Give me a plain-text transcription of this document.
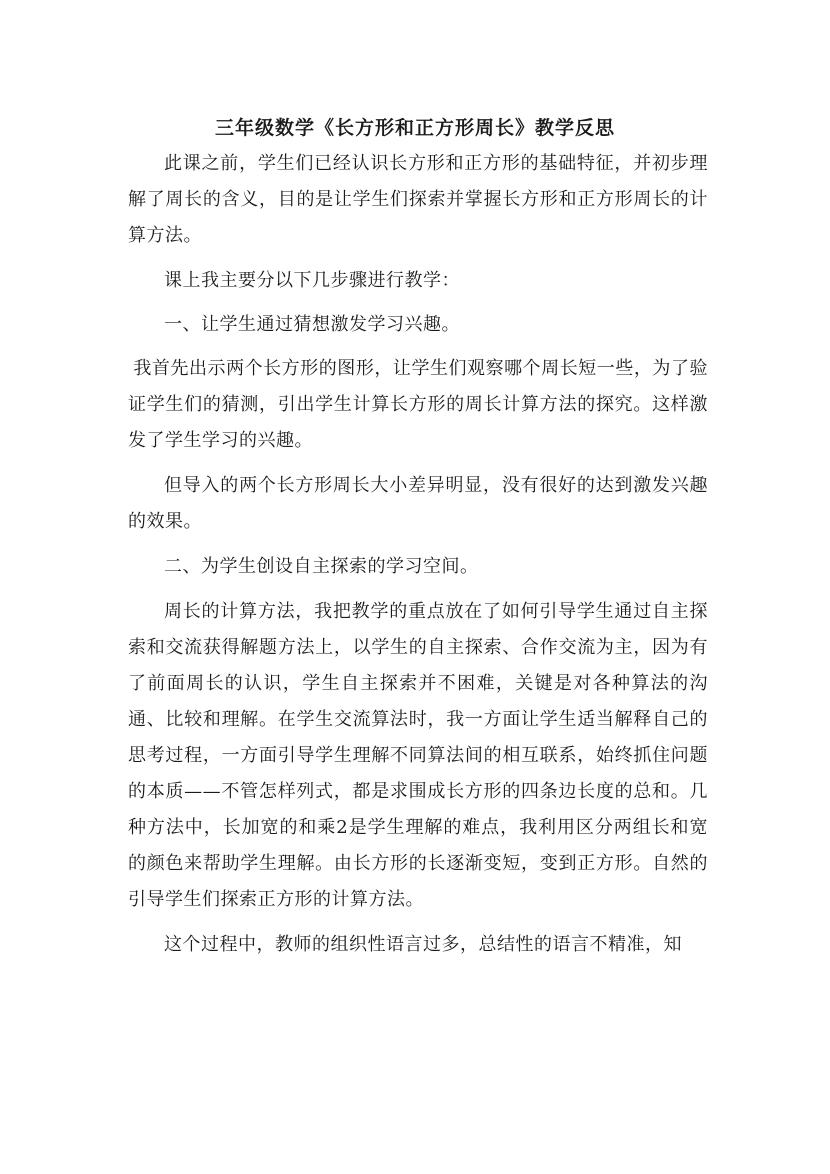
三年级数学《长方形和正方形周长》教学反思

此课之前，学生们已经认识长方形和正方形的基础特征，并初步理解了周长的含义，目的是让学生们探索并掌握长方形和正方形周长的计算方法。

课上我主要分以下几步骤进行教学：

一、让学生通过猜想激发学习兴趣。

我首先出示两个长方形的图形，让学生们观察哪个周长短一些，为了验证学生们的猜测，引出学生计算长方形的周长计算方法的探究。这样激发了学生学习的兴趣。

但导入的两个长方形周长大小差异明显，没有很好的达到激发兴趣的效果。

二、为学生创设自主探索的学习空间。

周长的计算方法，我把教学的重点放在了如何引导学生通过自主探索和交流获得解题方法上，以学生的自主探索、合作交流为主，因为有了前面周长的认识，学生自主探索并不困难，关键是对各种算法的沟通、比较和理解。在学生交流算法时，我一方面让学生适当解释自己的思考过程，一方面引导学生理解不同算法间的相互联系，始终抓住问题的本质——不管怎样列式，都是求围成长方形的四条边长度的总和。几种方法中，长加宽的和乘2是学生理解的难点，我利用区分两组长和宽的颜色来帮助学生理解。由长方形的长逐渐变短，变到正方形。自然的引导学生们探索正方形的计算方法。

这个过程中，教师的组织性语言过多，总结性的语言不精准，知
